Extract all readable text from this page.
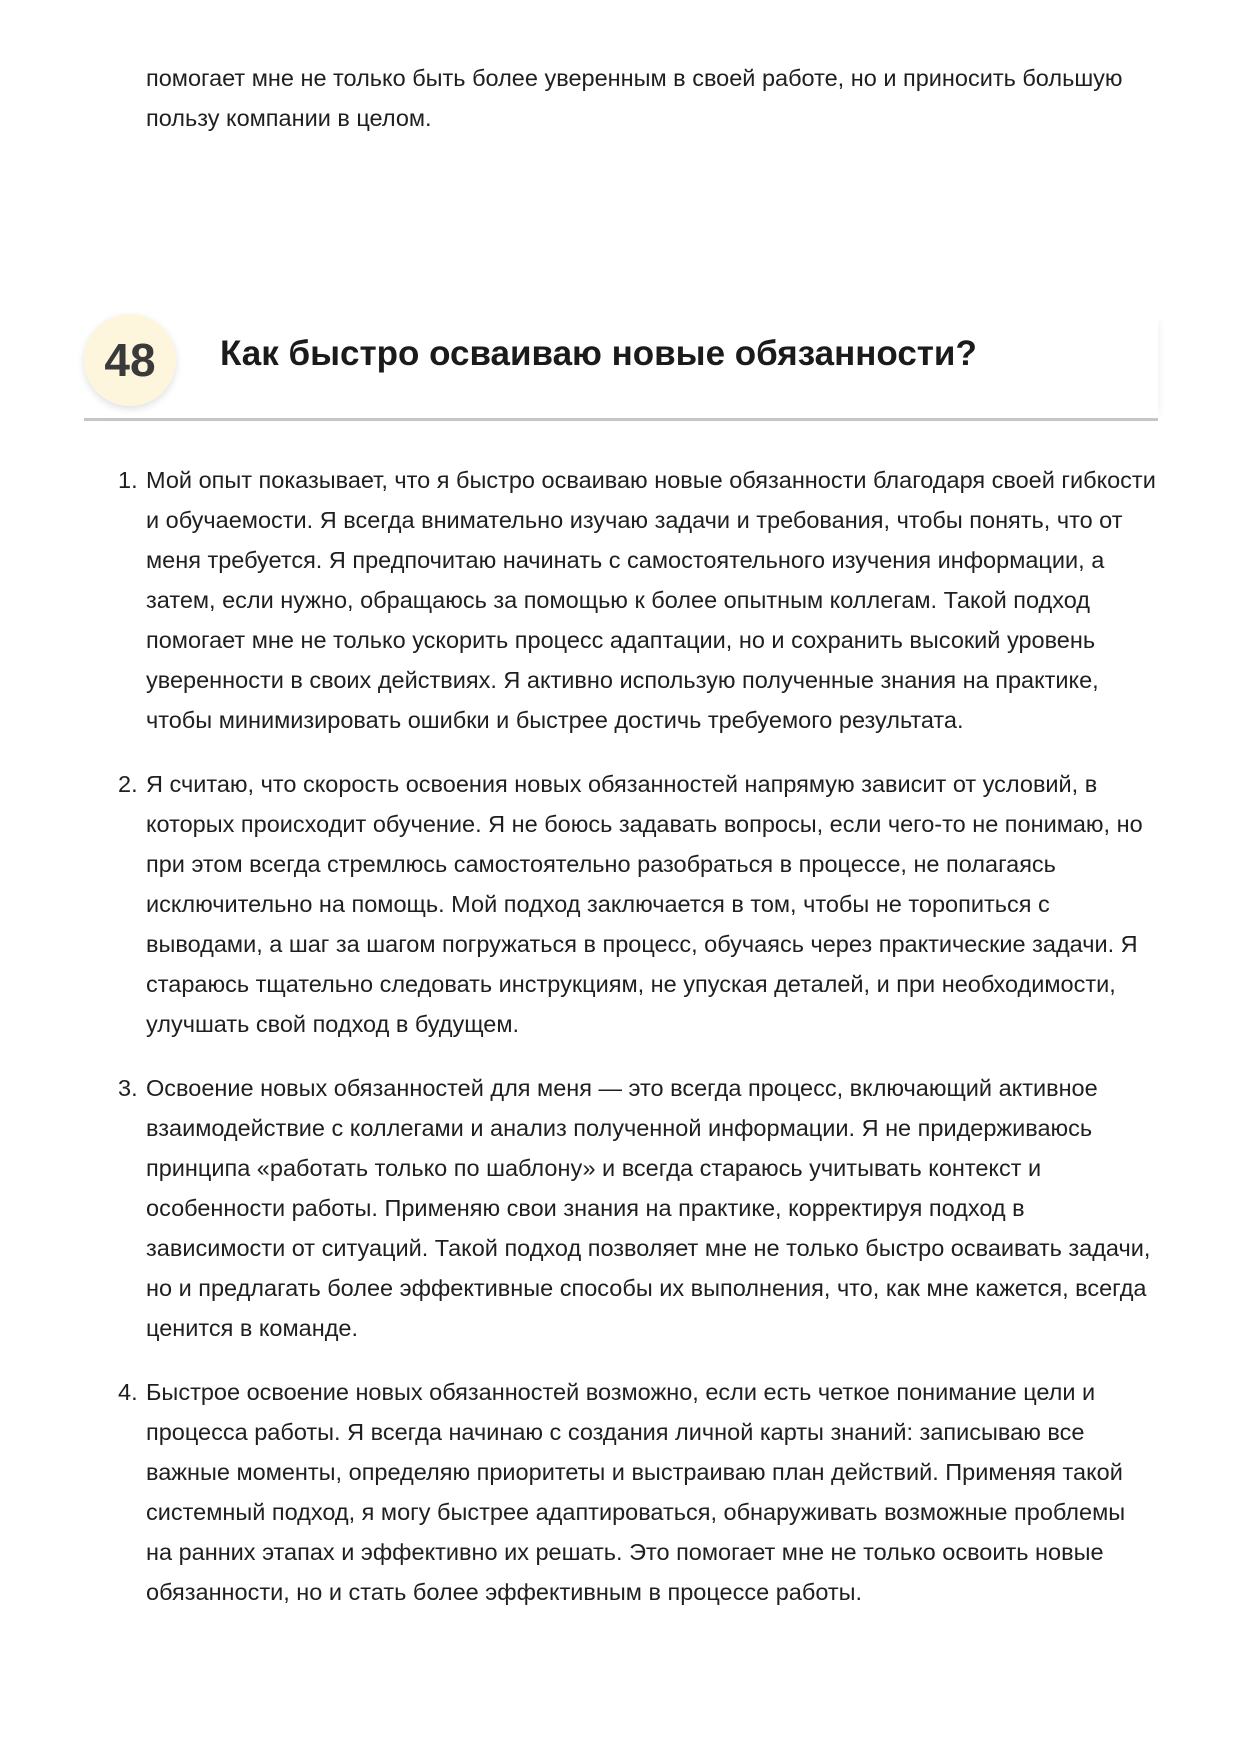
помогает мне не только быть более уверенным в своей работе, но и приносить большую пользу компании в целом.

48	Как быстро осваиваю новые обязанности?
1. Мой опыт показывает, что я быстро осваиваю новые обязанности благодаря своей гибкости и обучаемости. Я всегда внимательно изучаю задачи и требования, чтобы понять, что от меня требуется. Я предпочитаю начинать с самостоятельного изучения информации, а затем, если нужно, обращаюсь за помощью к более опытным коллегам. Такой подход помогает мне не только ускорить процесс адаптации, но и сохранить высокий уровень уверенности в своих действиях. Я активно использую полученные знания на практике, чтобы минимизировать ошибки и быстрее достичь требуемого результата.
2. Я считаю, что скорость освоения новых обязанностей напрямую зависит от условий, в которых происходит обучение. Я не боюсь задавать вопросы, если чего-то не понимаю, но при этом всегда стремлюсь самостоятельно разобраться в процессе, не полагаясь исключительно на помощь. Мой подход заключается в том, чтобы не торопиться с выводами, а шаг за шагом погружаться в процесс, обучаясь через практические задачи. Я стараюсь тщательно следовать инструкциям, не упуская деталей, и при необходимости, улучшать свой подход в будущем.
3. Освоение новых обязанностей для меня — это всегда процесс, включающий активное взаимодействие с коллегами и анализ полученной информации. Я не придерживаюсь принципа «работать только по шаблону» и всегда стараюсь учитывать контекст и особенности работы. Применяю свои знания на практике, корректируя подход в зависимости от ситуаций. Такой подход позволяет мне не только быстро осваивать задачи, но и предлагать более эффективные способы их выполнения, что, как мне кажется, всегда ценится в команде.
4. Быстрое освоение новых обязанностей возможно, если есть четкое понимание цели и процесса работы. Я всегда начинаю с создания личной карты знаний: записываю все важные моменты, определяю приоритеты и выстраиваю план действий. Применяя такой системный подход, я могу быстрее адаптироваться, обнаруживать возможные проблемы на ранних этапах и эффективно их решать. Это помогает мне не только освоить новые обязанности, но и стать более эффективным в процессе работы.
